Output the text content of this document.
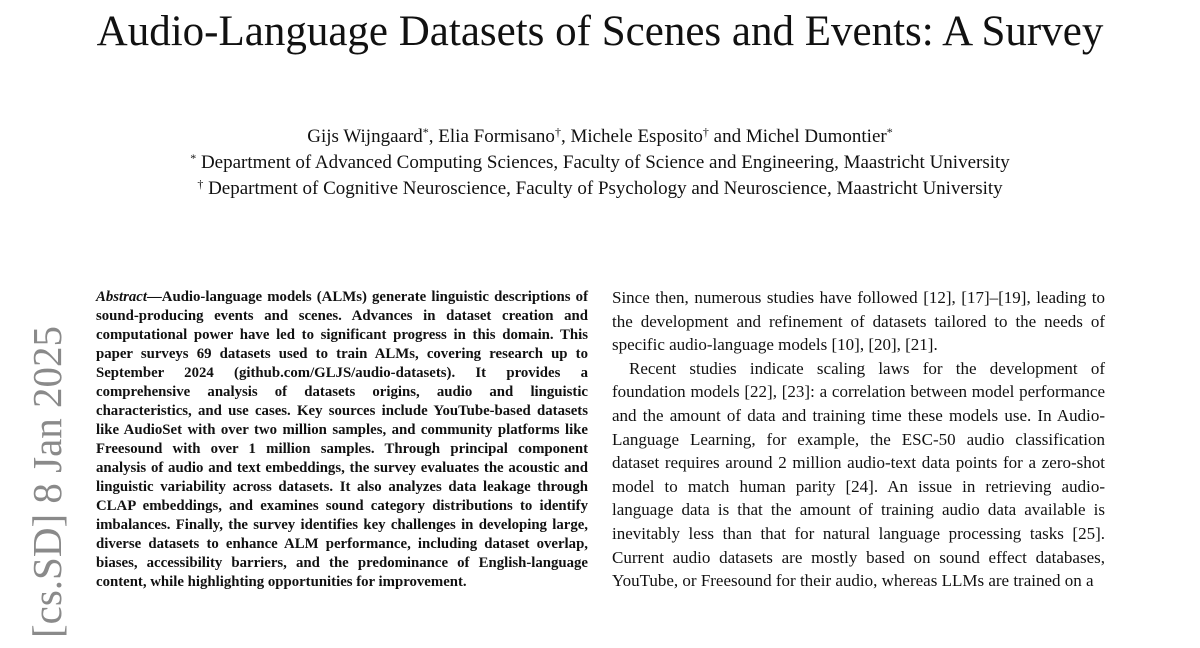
Audio-Language Datasets of Scenes and Events: A Survey
Gijs Wijngaard*, Elia Formisano†, Michele Esposito† and Michel Dumontier*
* Department of Advanced Computing Sciences, Faculty of Science and Engineering, Maastricht University
† Department of Cognitive Neuroscience, Faculty of Psychology and Neuroscience, Maastricht University
[cs.SD] 8 Jan 2025
Abstract—Audio-language models (ALMs) generate linguistic descriptions of sound-producing events and scenes. Advances in dataset creation and computational power have led to significant progress in this domain. This paper surveys 69 datasets used to train ALMs, covering research up to September 2024 (github.com/GLJS/audio-datasets). It provides a comprehensive analysis of datasets origins, audio and linguistic characteristics, and use cases. Key sources include YouTube-based datasets like AudioSet with over two million samples, and community platforms like Freesound with over 1 million samples. Through principal component analysis of audio and text embeddings, the survey evaluates the acoustic and linguistic variability across datasets. It also analyzes data leakage through CLAP embeddings, and examines sound category distributions to identify imbalances. Finally, the survey identifies key challenges in developing large, diverse datasets to enhance ALM performance, including dataset overlap, biases, accessibility barriers, and the predominance of English-language content, while highlighting opportunities for improvement.

Since then, numerous studies have followed [12], [17]–[19], leading to the development and refinement of datasets tailored to the needs of specific audio-language models [10], [20], [21].

Recent studies indicate scaling laws for the development of foundation models [22], [23]: a correlation between model performance and the amount of data and training time these models use. In Audio-Language Learning, for example, the ESC-50 audio classification dataset requires around 2 million audio-text data points for a zero-shot model to match human parity [24]. An issue in retrieving audio-language data is that the amount of training audio data available is inevitably less than that for natural language processing tasks [25]. Current audio datasets are mostly based on sound effect databases, YouTube, or Freesound for their audio, whereas LLMs are trained on a
